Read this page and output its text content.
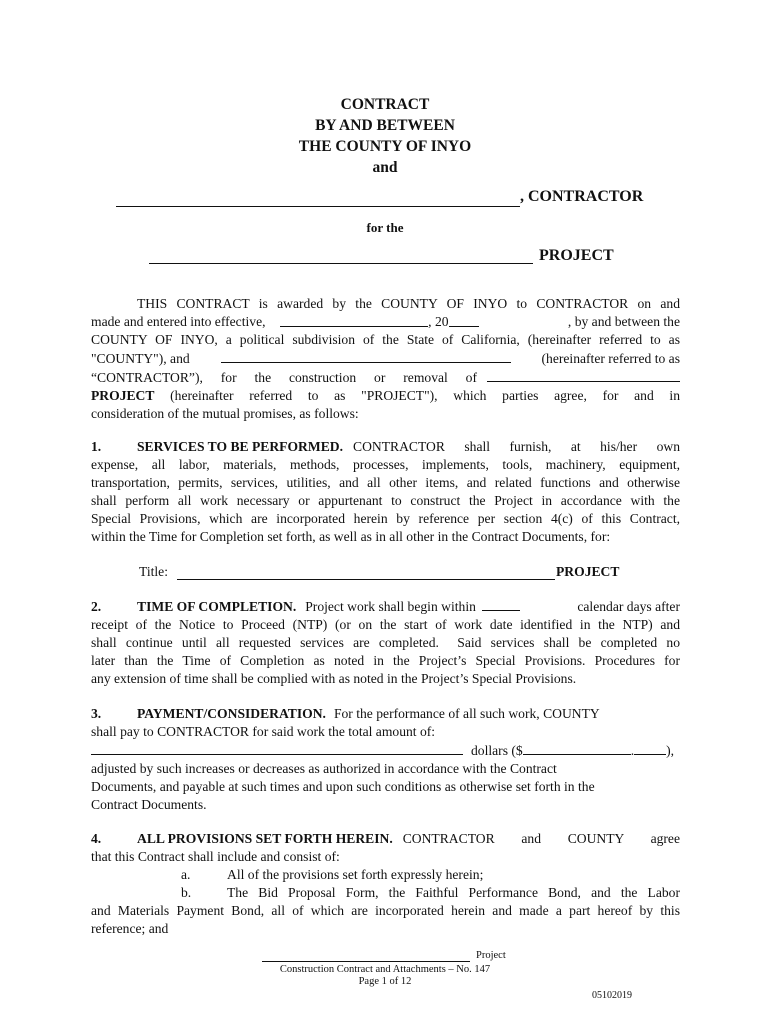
CONTRACT
BY AND BETWEEN
THE COUNTY OF INYO
and
, CONTRACTOR
for the
PROJECT
THIS CONTRACT is awarded by the COUNTY OF INYO to CONTRACTOR on and
made and entered into effective,	, 20	, by and between the
COUNTY OF INYO, a political subdivision of the State of California, (hereinafter referred to as
"COUNTY"), and	(hereinafter referred to as
“CONTRACTOR”), for the construction or removal of
PROJECT (hereinafter referred to as "PROJECT"), which parties agree, for and in
consideration of the mutual promises, as follows:
1.	SERVICES TO BE PERFORMED. CONTRACTOR shall furnish, at his/her own
expense, all labor, materials, methods, processes, implements, tools, machinery, equipment,
transportation, permits, services, utilities, and all other items, and related functions and otherwise
shall perform all work necessary or appurtenant to construct the Project in accordance with the
Special Provisions, which are incorporated herein by reference per section 4(c) of this Contract,
within the Time for Completion set forth, as well as in all other in the Contract Documents, for:
Title:	PROJECT
2.	TIME OF COMPLETION. Project work shall begin within	calendar days after
receipt of the Notice to Proceed (NTP) (or on the start of work date identified in the NTP) and
shall continue until all requested services are completed.  Said services shall be completed no
later than the Time of Completion as noted in the Project’s Special Provisions. Procedures for
any extension of time shall be complied with as noted in the Project’s Special Provisions.
3.	PAYMENT/CONSIDERATION. For the performance of all such work, COUNTY
shall pay to CONTRACTOR for said work the total amount of:
dollars ($	. ),
adjusted by such increases or decreases as authorized in accordance with the Contract
Documents, and payable at such times and upon such conditions as otherwise set forth in the
Contract Documents.
4.	ALL PROVISIONS SET FORTH HEREIN. CONTRACTOR and COUNTY agree
that this Contract shall include and consist of:
a.	All of the provisions set forth expressly herein;
b.	The Bid Proposal Form, the Faithful Performance Bond, and the Labor
and Materials Payment Bond, all of which are incorporated herein and made a part hereof by this
reference; and
Project
Construction Contract and Attachments – No. 147
Page 1 of 12
05102019
